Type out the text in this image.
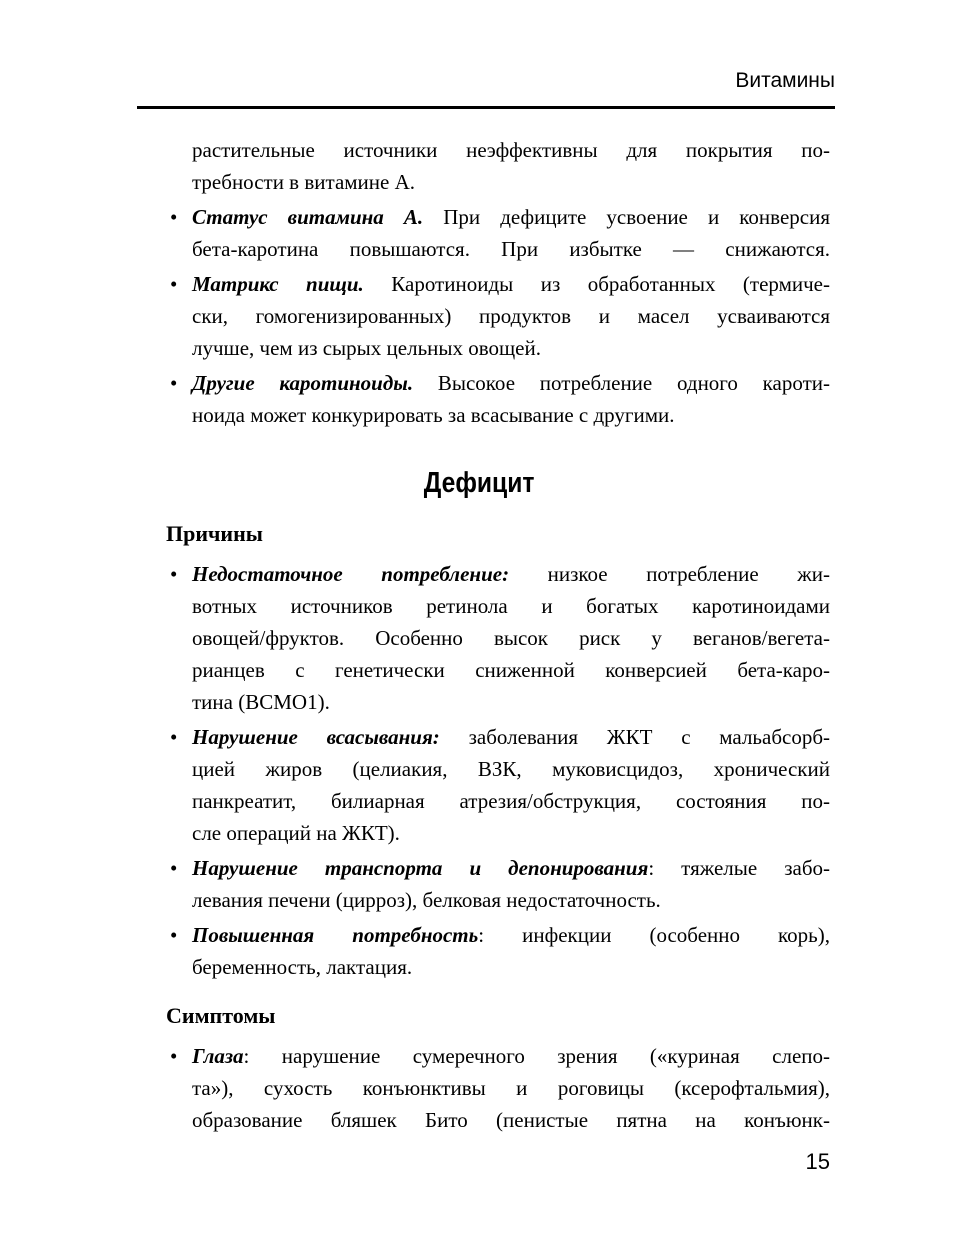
Витамины
растительные источники неэффективны для покрытия по-
требности в витамине А.
• Статус витамина А. При дефиците усвоение и конверсия
бета-каротина повышаются. При избытке — снижаются.
• Матрикс пищи. Каротиноиды из обработанных (термиче-
ски, гомогенизированных) продуктов и масел усваиваются
лучше, чем из сырых цельных овощей.
• Другие каротиноиды. Высокое потребление одного кароти-
ноида может конкурировать за всасывание с другими.
Дефицит
Причины
• Недостаточное потребление: низкое потребление жи-
вотных источников ретинола и богатых каротиноидами
овощей/фруктов. Особенно высок риск у веганов/вегета-
рианцев с генетически сниженной конверсией бета-каро-
тина (BCMO1).
• Нарушение всасывания: заболевания ЖКТ с мальабсорб-
цией жиров (целиакия, ВЗК, муковисцидоз, хронический
панкреатит, билиарная атрезия/обструкция, состояния по-
сле операций на ЖКТ).
• Нарушение транспорта и депонирования: тяжелые забо-
левания печени (цирроз), белковая недостаточность.
• Повышенная потребность: инфекции (особенно корь),
беременность, лактация.
Симптомы
• Глаза: нарушение сумеречного зрения («куриная слепо-
та»), сухость конъюнктивы и роговицы (ксерофтальмия),
образование бляшек Бито (пенистые пятна на конъюнк-
15
